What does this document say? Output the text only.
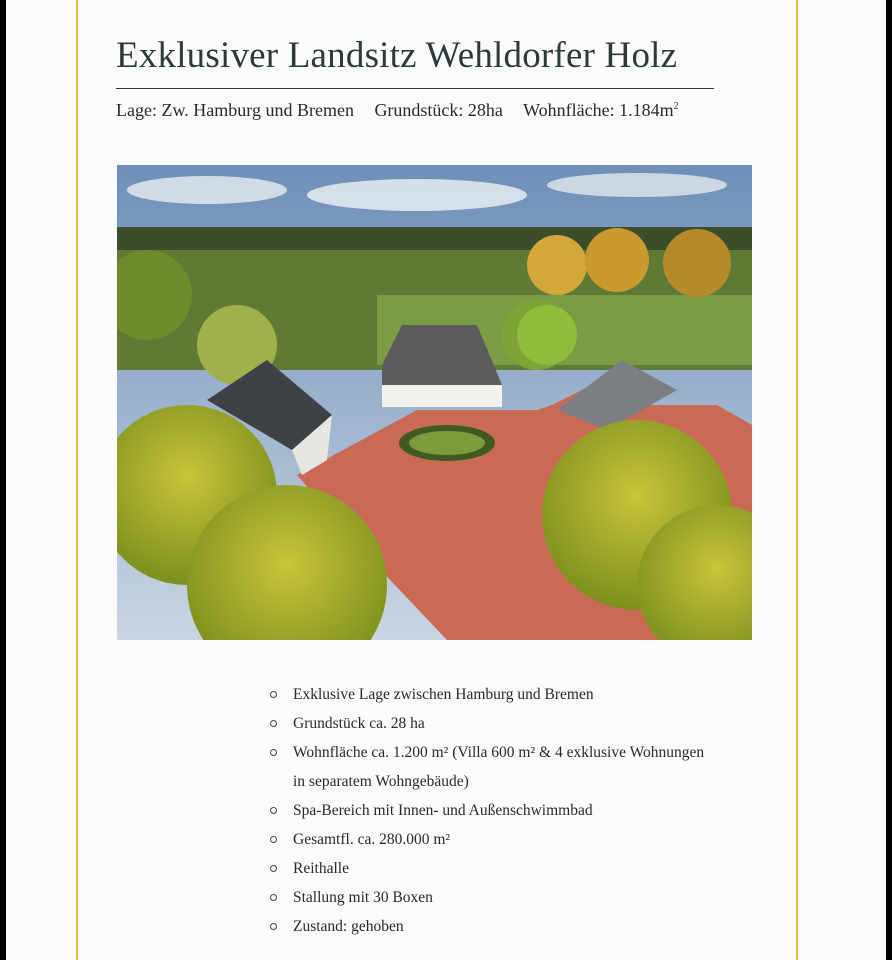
Exklusiver Landsitz Wehldorfer Holz
Lage: Zw. Hamburg und Bremen Grundstück: 28ha Wohnfläche: $1.184m^2$
Exklusive Lage zwischen Hamburg und Bremen
Grundstück ca. 28 ha
Wohnfläche ca. 1.200 m² (Villa 600 m² & 4 exklusive Wohnungen
in separatem Wohngebäude)
Spa-Bereich mit Innen- und Außenschwimmbad
Gesamtfl. ca. 280.000 m²
Reithalle
Stallung mit 30 Boxen
Zustand: gehoben
